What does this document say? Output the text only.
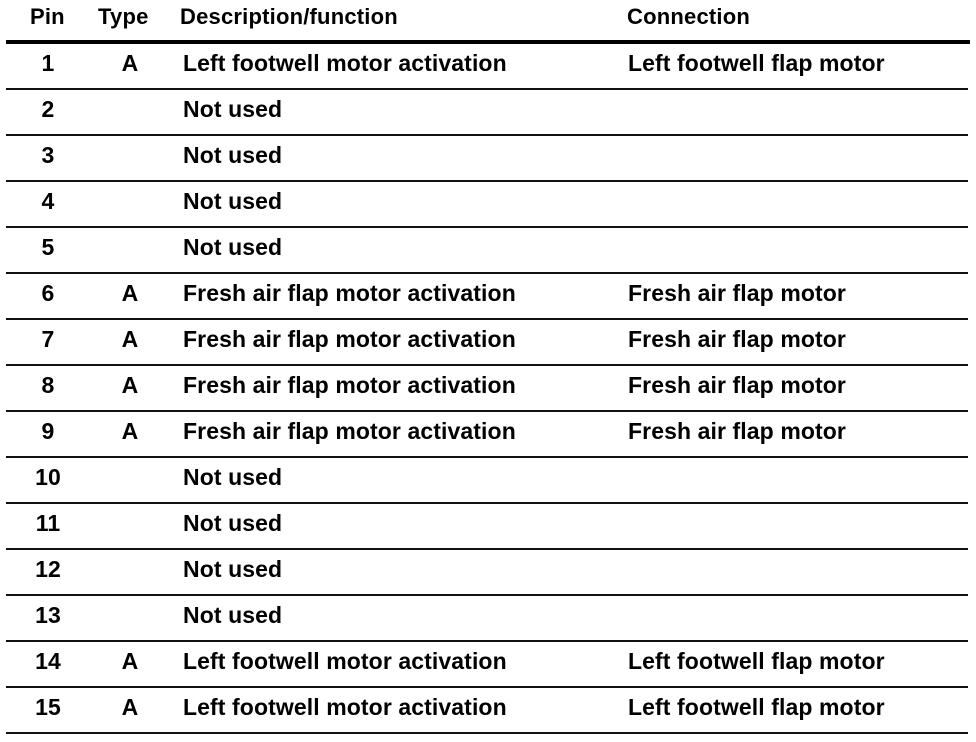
Pin Type Description/function	Connection
1	A	Left footwell motor activation	Left footwell flap motor
2	Not used
3	Not used
4	Not used
5	Not used
6	A	Fresh air flap motor activation	Fresh air flap motor
7	A	Fresh air flap motor activation	Fresh air flap motor
8	A	Fresh air flap motor activation	Fresh air flap motor
9	A	Fresh air flap motor activation	Fresh air flap motor
10	Not used
11	Not used
12	Not used
13	Not used
14	A	Left footwell motor activation	Left footwell flap motor
15	A	Left footwell motor activation	Left footwell flap motor
